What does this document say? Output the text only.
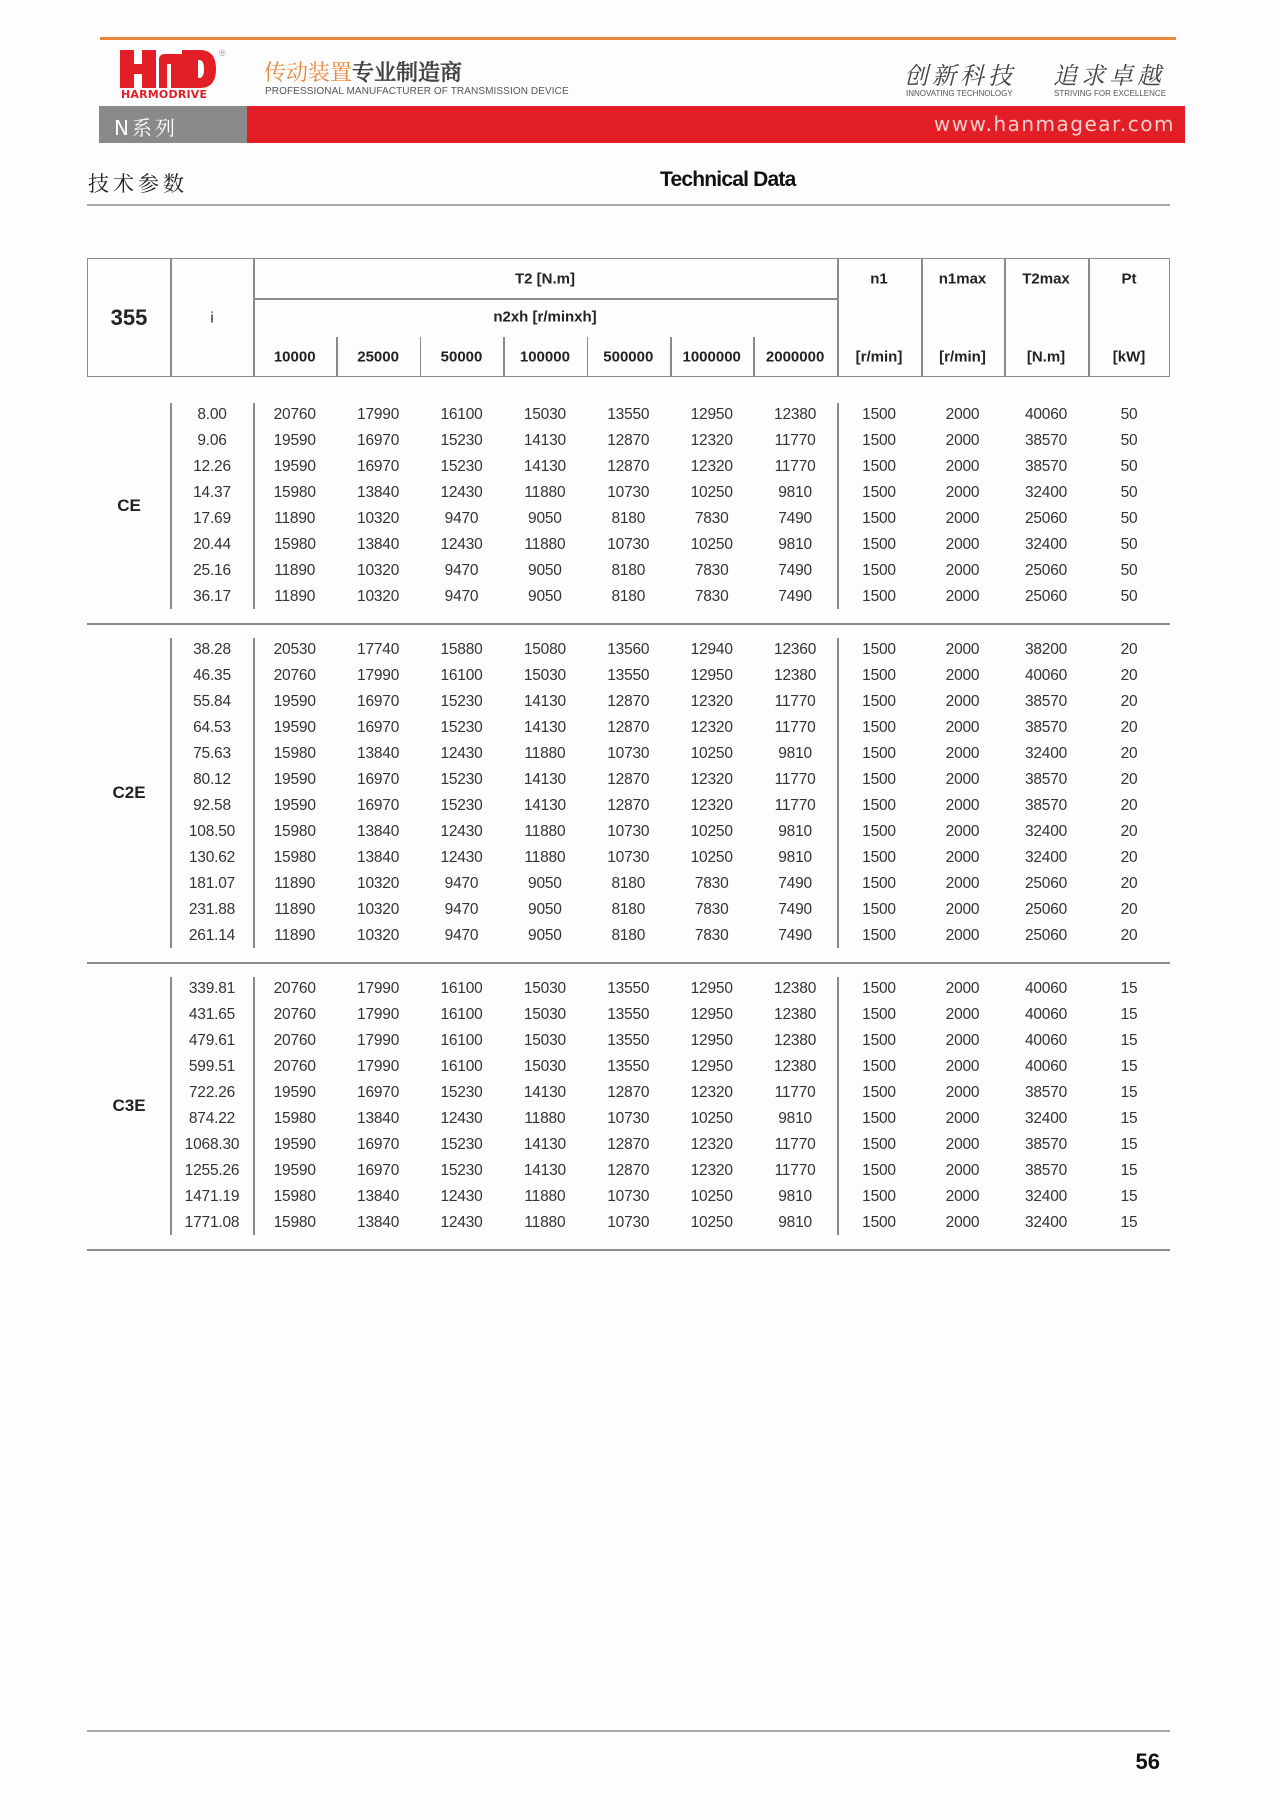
®
HARMODRIVE
传动装置专业制造商
PROFESSIONAL MANUFACTURER OF TRANSMISSION DEVICE
创新科技
INNOVATING TECHNOLOGY
追求卓越
STRIVING FOR EXCELLENCE
N系列	www.hanmagear.com
技术参数	Technical Data
355	i
T2 [N.m]
n2xh [r/minxh]
10000	25000	50000	100000 500000 1000000 2000000
n1
[r/min]
n1max
[r/min]
T2max
[N.m]
Pt
[kW]
8.00	20760	17990	16100	15030	13550	12950	12380	1500	2000	40060	50
9.06	19590	16970	15230	14130	12870	12320	11770	1500	2000	38570	50
12.26	19590	16970	15230	14130	12870	12320	11770	1500	2000	38570	50
14.37	15980	13840	12430	11880	10730	10250	9810	1500	2000	32400	50
17.69	11890	10320	9470	9050	8180	7830	7490	1500	2000	25060	50
20.44	15980	13840	12430	11880	10730	10250	9810	1500	2000	32400	50
25.16	11890	10320	9470	9050	8180	7830	7490	1500	2000	25060	50
36.17	11890	10320	9470	9050	8180	7830	7490	1500	2000	25060	50
CE
38.28	20530	17740	15880	15080	13560	12940	12360	1500	2000	38200	20
46.35	20760	17990	16100	15030	13550	12950	12380	1500	2000	40060	20
55.84	19590	16970	15230	14130	12870	12320	11770	1500	2000	38570	20
64.53	19590	16970	15230	14130	12870	12320	11770	1500	2000	38570	20
75.63	15980	13840	12430	11880	10730	10250	9810	1500	2000	32400	20
80.12	19590	16970	15230	14130	12870	12320	11770	1500	2000	38570	20
92.58	19590	16970	15230	14130	12870	12320	11770	1500	2000	38570	20
108.50 15980	13840	12430	11880	10730	10250	9810	1500	2000	32400	20
130.62 15980	13840	12430	11880	10730	10250	9810	1500	2000	32400	20
181.07	11890	10320	9470	9050	8180	7830	7490	1500	2000	25060	20
231.88	11890	10320	9470	9050	8180	7830	7490	1500	2000	25060	20
261.14	11890	10320	9470	9050	8180	7830	7490	1500	2000	25060	20
C2E
339.81 20760	17990	16100	15030	13550	12950	12380	1500	2000	40060	15
431.65 20760	17990	16100	15030	13550	12950	12380	1500	2000	40060	15
479.61 20760	17990	16100	15030	13550	12950	12380	1500	2000	40060	15
599.51 20760	17990	16100	15030	13550	12950	12380	1500	2000	40060	15
722.26 19590	16970	15230	14130	12870	12320	11770	1500	2000	38570	15
874.22 15980	13840	12430	11880	10730	10250	9810	1500	2000	32400	15
1068.30 19590	16970	15230	14130	12870	12320	11770	1500	2000	38570	15
1255.26 19590	16970	15230	14130	12870	12320	11770	1500	2000	38570	15
1471.19 15980	13840	12430	11880	10730	10250	9810	1500	2000	32400	15
1771.08 15980	13840	12430	11880	10730	10250	9810	1500	2000	32400	15
C3E
56
